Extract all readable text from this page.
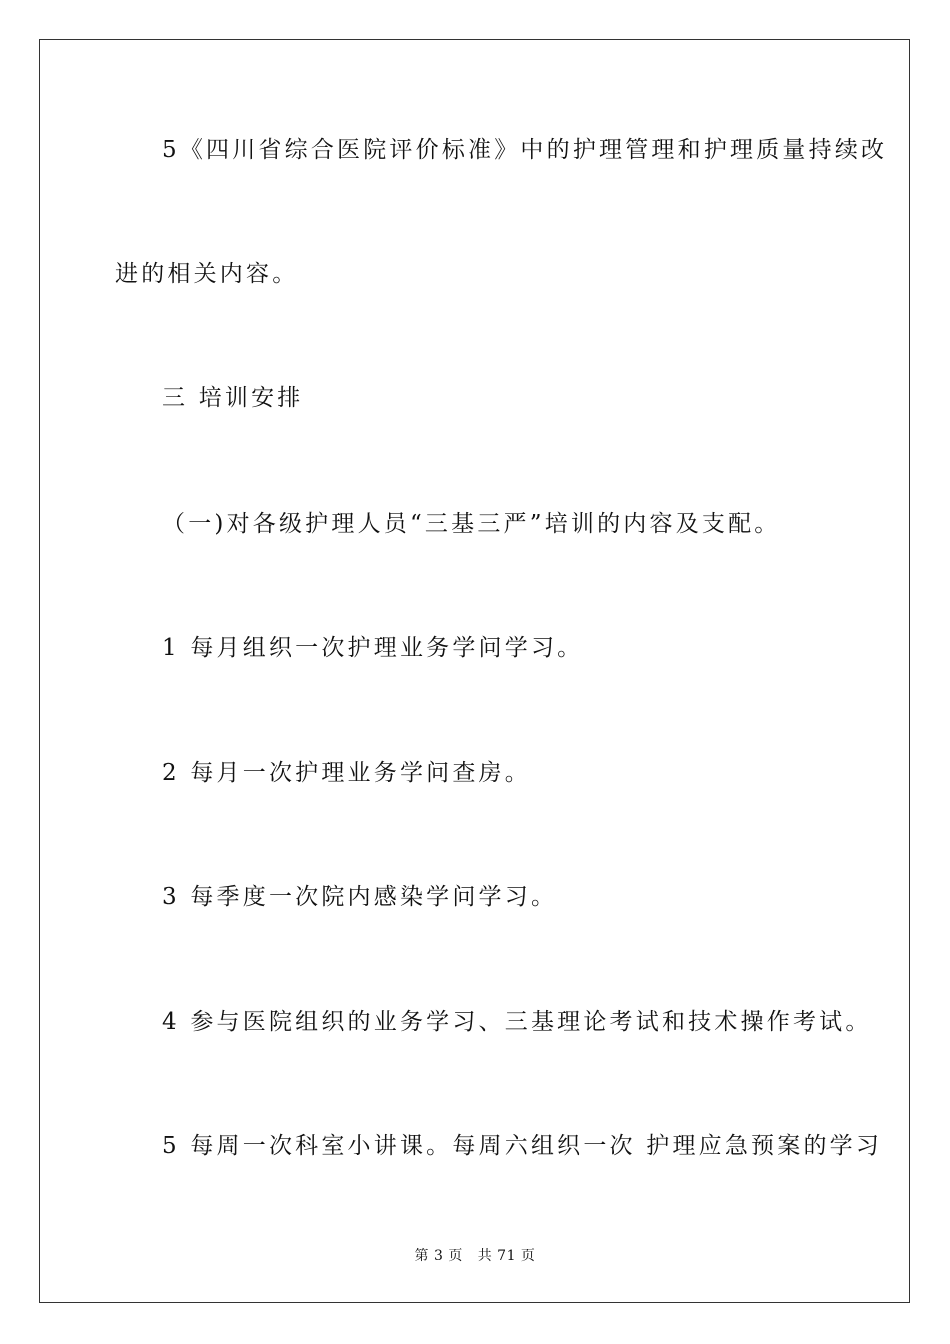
5《四川省综合医院评价标准》中的护理管理和护理质量持续改
进的相关内容。
三 培训安排
（一)对各级护理人员“三基三严”培训的内容及支配。
1 每月组织一次护理业务学问学习。
2 每月一次护理业务学问查房。
3 每季度一次院内感染学问学习。
4 参与医院组织的业务学习、三基理论考试和技术操作考试。
5 每周一次科室小讲课。每周六组织一次 护理应急预案的学习
第 3 页 共 71 页
